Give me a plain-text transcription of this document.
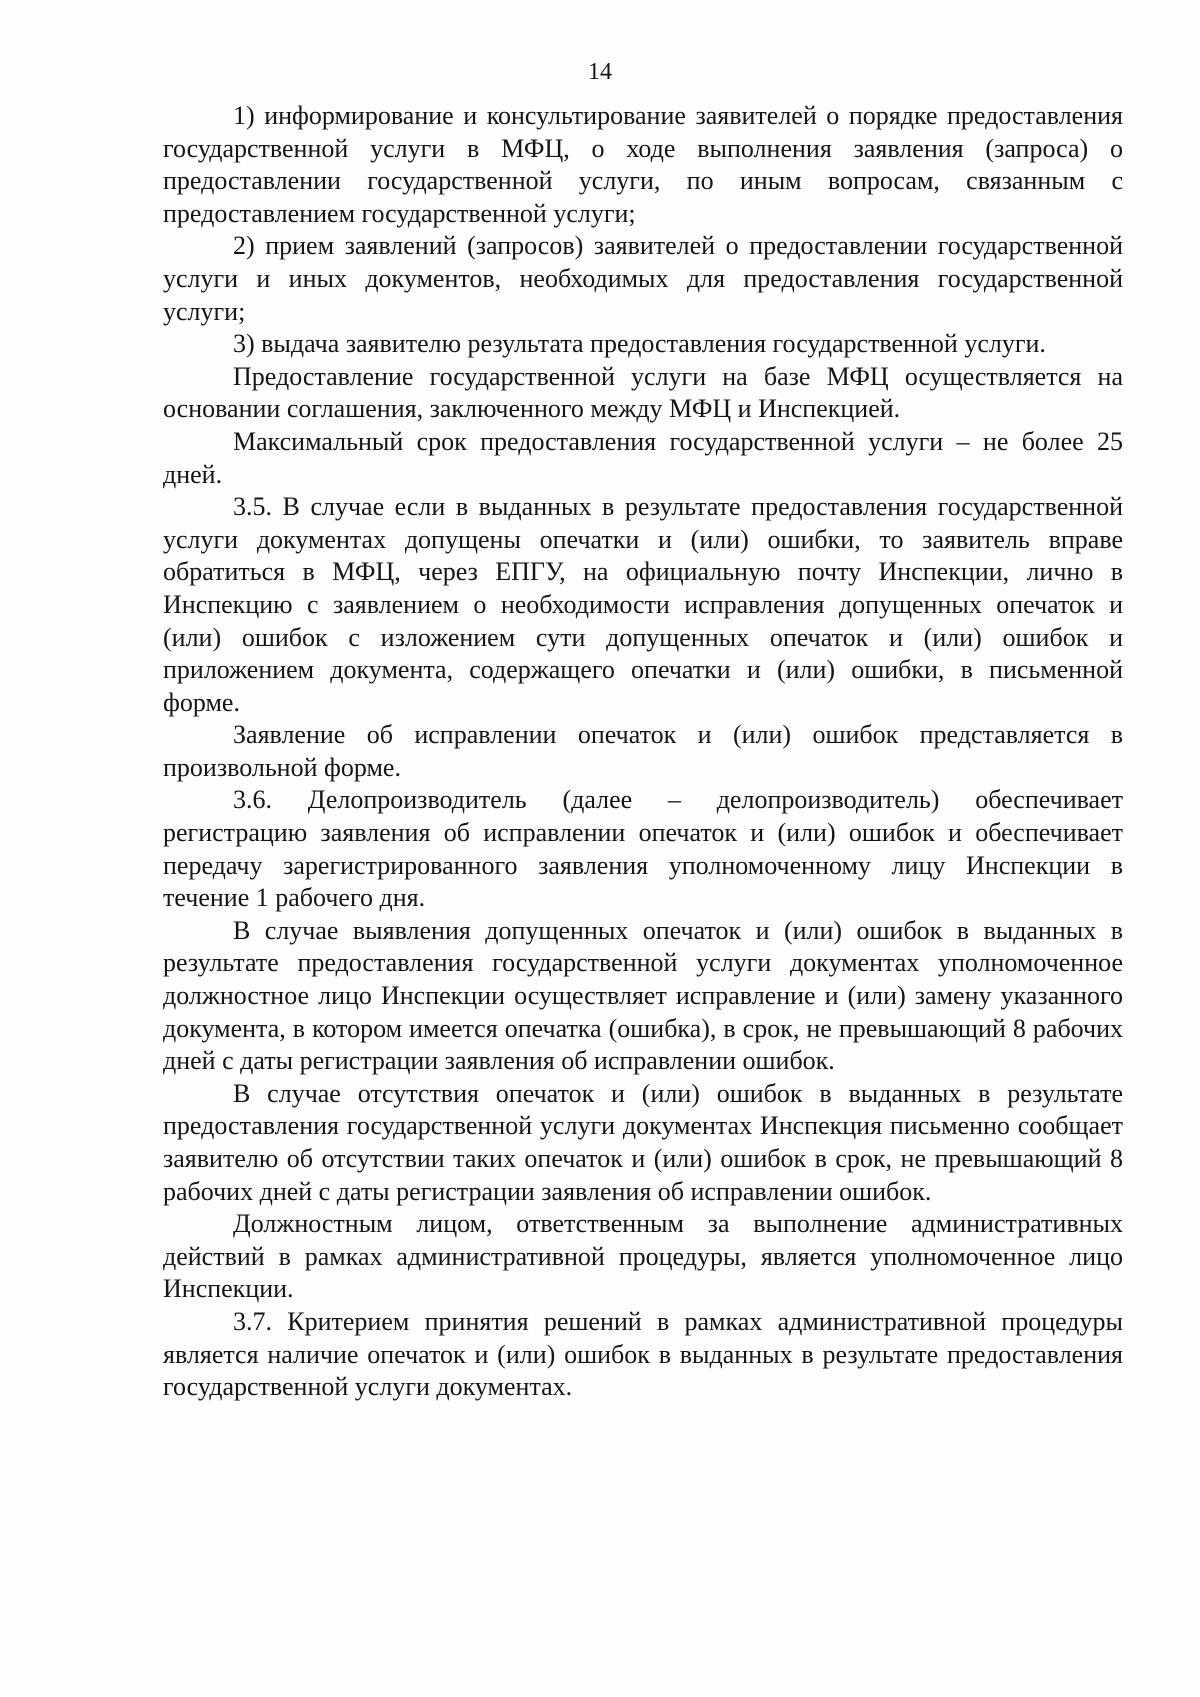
14

1) информирование и консультирование заявителей о порядке предоставления государственной услуги в МФЦ, о ходе выполнения заявления (запроса) о предоставлении государственной услуги, по иным вопросам, связанным с предоставлением государственной услуги;

2) прием заявлений (запросов) заявителей о предоставлении государственной услуги и иных документов, необходимых для предоставления государственной услуги;

3) выдача заявителю результата предоставления государственной услуги.

Предоставление государственной услуги на базе МФЦ осуществляется на основании соглашения, заключенного между МФЦ и Инспекцией.

Максимальный срок предоставления государственной услуги – не более 25 дней.

3.5. В случае если в выданных в результате предоставления государственной услуги документах допущены опечатки и (или) ошибки, то заявитель вправе обратиться в МФЦ, через ЕПГУ, на официальную почту Инспекции, лично в Инспекцию с заявлением о необходимости исправления допущенных опечаток и (или) ошибок с изложением сути допущенных опечаток и (или) ошибок и приложением документа, содержащего опечатки и (или) ошибки, в письменной форме.

Заявление об исправлении опечаток и (или) ошибок представляется в произвольной форме.

3.6. Делопроизводитель (далее – делопроизводитель) обеспечивает регистрацию заявления об исправлении опечаток и (или) ошибок и обеспечивает передачу зарегистрированного заявления уполномоченному лицу Инспекции в течение 1 рабочего дня.

В случае выявления допущенных опечаток и (или) ошибок в выданных в результате предоставления государственной услуги документах уполномоченное должностное лицо Инспекции осуществляет исправление и (или) замену указанного документа, в котором имеется опечатка (ошибка), в срок, не превышающий 8 рабочих дней с даты регистрации заявления об исправлении ошибок.

В случае отсутствия опечаток и (или) ошибок в выданных в результате предоставления государственной услуги документах Инспекция письменно сообщает заявителю об отсутствии таких опечаток и (или) ошибок в срок, не превышающий 8 рабочих дней с даты регистрации заявления об исправлении ошибок.

Должностным лицом, ответственным за выполнение административных действий в рамках административной процедуры, является уполномоченное лицо Инспекции.

3.7. Критерием принятия решений в рамках административной процедуры является наличие опечаток и (или) ошибок в выданных в результате предоставления государственной услуги документах.
